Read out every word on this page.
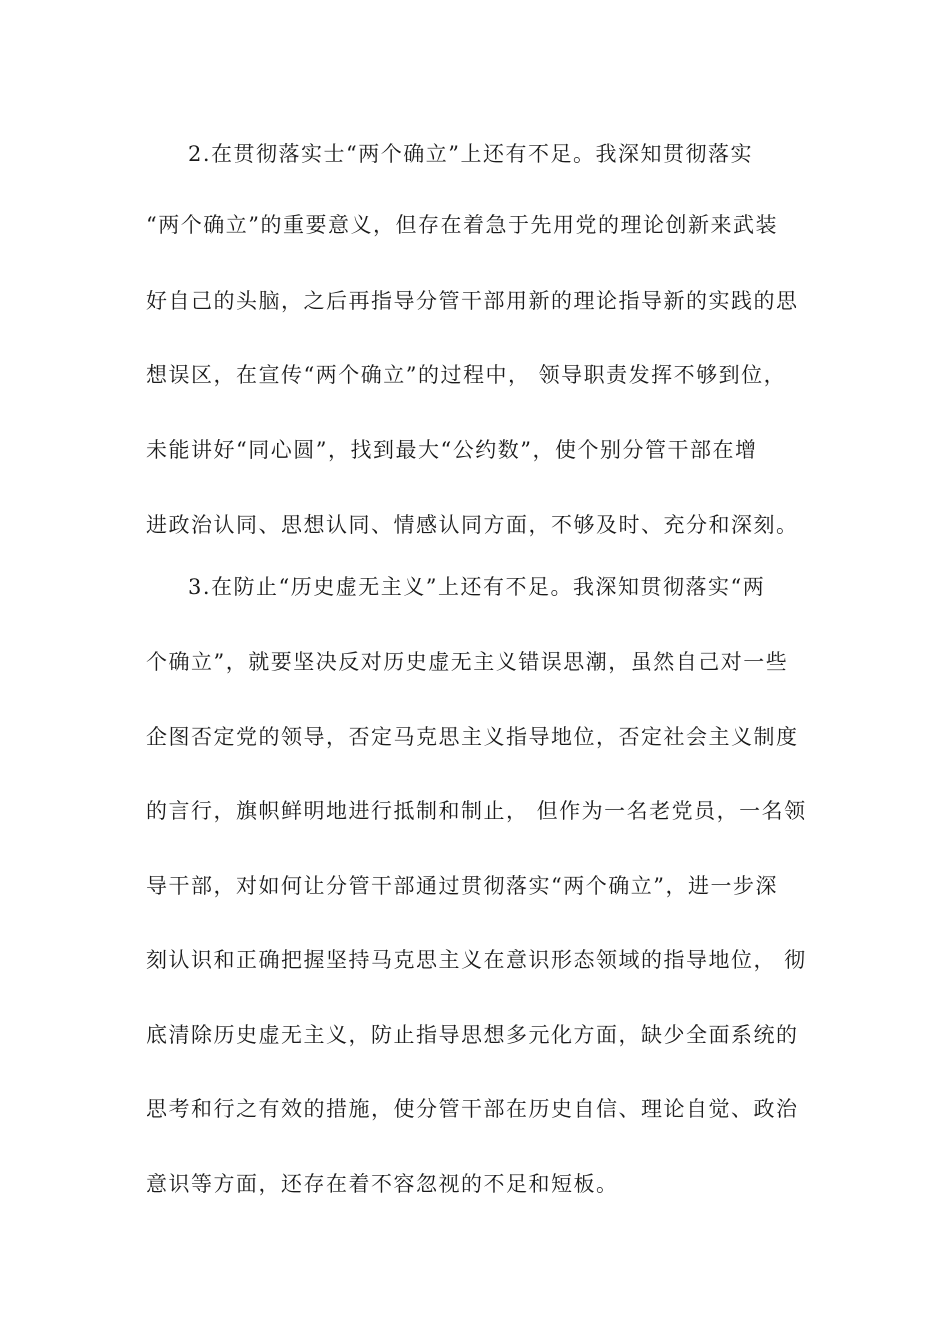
2.在贯彻落实士“两个确立”上还有不足。我深知贯彻落实
“两个确立”的重要意义，但存在着急于先用党的理论创新来武装
好自己的头脑，之后再指导分管干部用新的理论指导新的实践的思
想误区，在宣传“两个确立”的过程中， 领导职责发挥不够到位，
未能讲好“同心圆”，找到最大“公约数”，使个别分管干部在增
进政治认同、思想认同、情感认同方面，不够及时、充分和深刻。
3.在防止“历史虚无主义”上还有不足。我深知贯彻落实“两
个确立”，就要坚决反对历史虚无主义错误思潮，虽然自己对一些
企图否定党的领导，否定马克思主义指导地位，否定社会主义制度
的言行，旗帜鲜明地进行抵制和制止， 但作为一名老党员，一名领
导干部，对如何让分管干部通过贯彻落实“两个确立”，进一步深
刻认识和正确把握坚持马克思主义在意识形态领域的指导地位， 彻
底清除历史虚无主义，防止指导思想多元化方面，缺少全面系统的
思考和行之有效的措施，使分管干部在历史自信、理论自觉、政治
意识等方面，还存在着不容忽视的不足和短板。
